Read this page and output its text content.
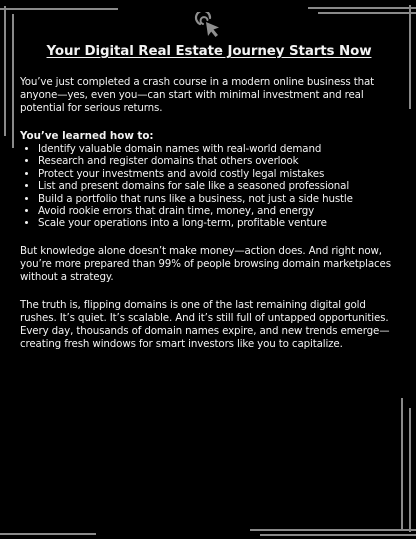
Your Digital Real Estate Journey Starts Now

You’ve just completed a crash course in a modern online business that anyone—yes, even you—can start with minimal investment and real potential for serious returns.

You’ve learned how to:

• Identify valuable domain names with real-world demand
• Research and register domains that others overlook
• Protect your investments and avoid costly legal mistakes
• List and present domains for sale like a seasoned professional
• Build a portfolio that runs like a business, not just a side hustle
• Avoid rookie errors that drain time, money, and energy
• Scale your operations into a long-term, profitable venture

But knowledge alone doesn’t make money—action does. And right now, you’re more prepared than 99% of people browsing domain marketplaces without a strategy.

The truth is, flipping domains is one of the last remaining digital gold rushes. It’s quiet. It’s scalable. And it’s still full of untapped opportunities. Every day, thousands of domain names expire, and new trends emerge—creating fresh windows for smart investors like you to capitalize.
